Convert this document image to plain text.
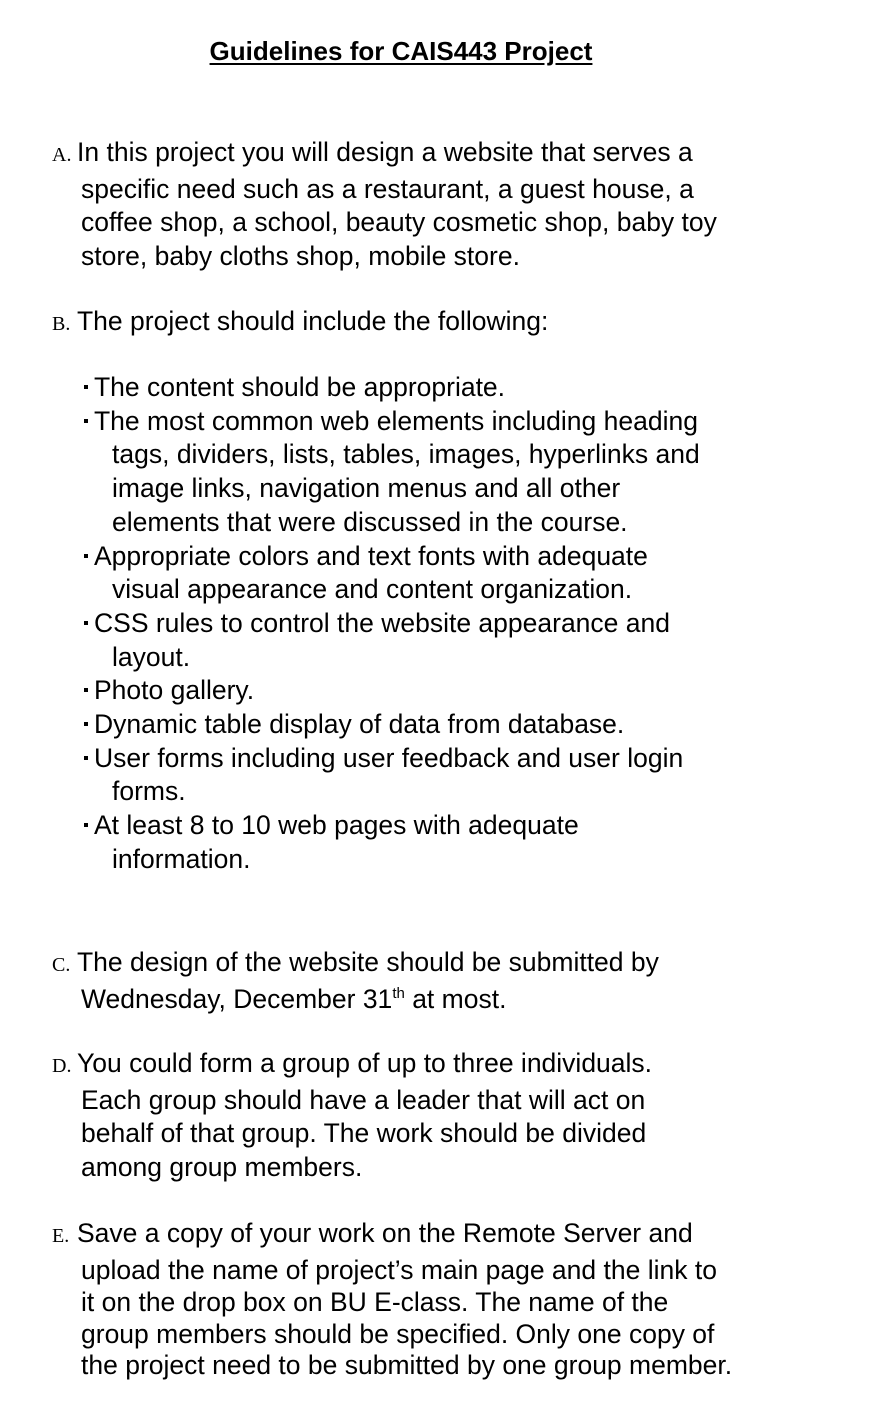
Guidelines for CAIS443 Project
A. In this project you will design a website that serves a
specific need such as a restaurant, a guest house, a
coffee shop, a school, beauty cosmetic shop, baby toy
store, baby cloths shop, mobile store.
B. The project should include the following:
The content should be appropriate.
The most common web elements including heading
tags, dividers, lists, tables, images, hyperlinks and
image links, navigation menus and all other
elements that were discussed in the course.
Appropriate colors and text fonts with adequate
visual appearance and content organization.
CSS rules to control the website appearance and
layout.
Photo gallery.
Dynamic table display of data from database.
User forms including user feedback and user login
forms.
At least 8 to 10 web pages with adequate
information.
C. The design of the website should be submitted by
Wednesday, December 31th at most.
D. You could form a group of up to three individuals.
Each group should have a leader that will act on
behalf of that group. The work should be divided
among group members.
E. Save a copy of your work on the Remote Server and
upload the name of project’s main page and the link to
it on the drop box on BU E-class. The name of the
group members should be specified. Only one copy of
the project need to be submitted by one group member.
